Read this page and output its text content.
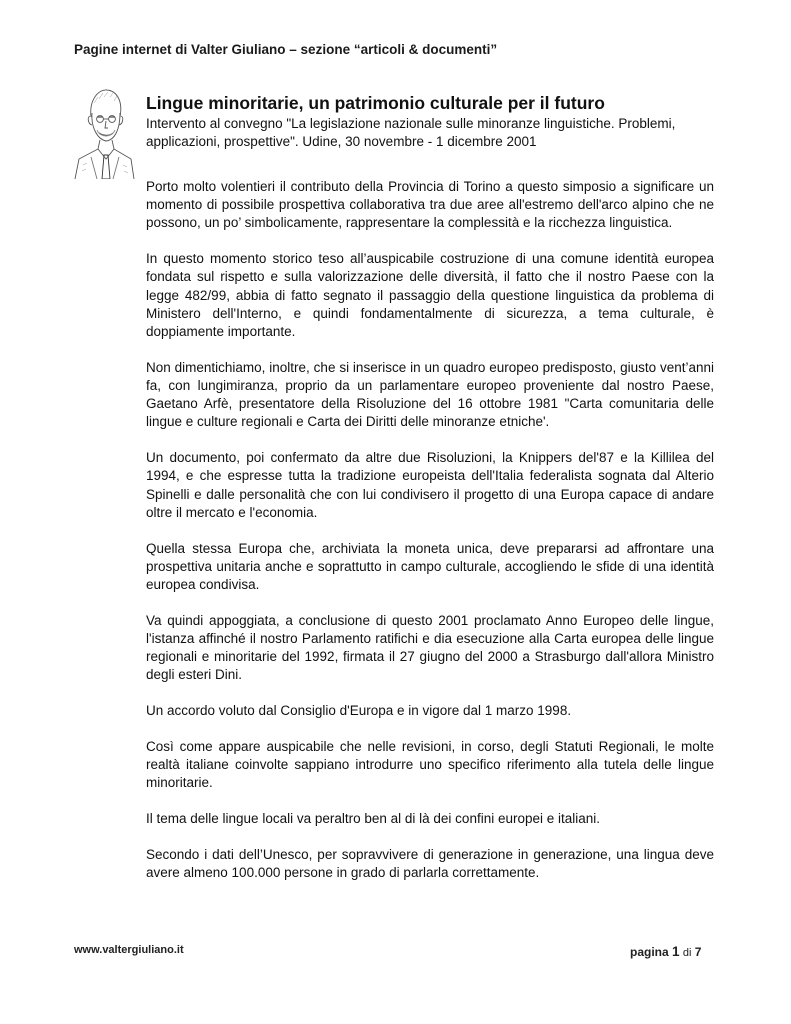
Pagine internet di Valter Giuliano – sezione “articoli & documenti”
Lingue minoritarie, un patrimonio culturale per il futuro

Intervento al convegno "La legislazione nazionale sulle minoranze linguistiche. Problemi, applicazioni, prospettive". Udine, 30 novembre - 1 dicembre 2001

Porto molto volentieri il contributo della Provincia di Torino a questo simposio a significare un momento di possibile prospettiva collaborativa tra due aree all'estremo dell'arco alpino che ne possono, un po’ simbolicamente, rappresentare la complessità e la ricchezza linguistica.

In questo momento storico teso all’auspicabile costruzione di una comune identità europea fondata sul rispetto e sulla valorizzazione delle diversità, il fatto che il nostro Paese con la legge 482/99, abbia di fatto segnato il passaggio della questione linguistica da problema di Ministero dell'Interno, e quindi fondamentalmente di sicurezza, a tema culturale, è doppiamente importante.

Non dimentichiamo, inoltre, che si inserisce in un quadro europeo predisposto, giusto vent’anni fa, con lungimiranza, proprio da un parlamentare europeo proveniente dal nostro Paese, Gaetano Arfè, presentatore della Risoluzione del 16 ottobre 1981 "Carta comunitaria delle lingue e culture regionali e Carta dei Diritti delle minoranze etniche'.

Un documento, poi confermato da altre due Risoluzioni, la Knippers del'87 e la Killilea del 1994, e che espresse tutta la tradizione europeista dell'Italia federalista sognata dal Alterio Spinelli e dalle personalità che con lui condivisero il progetto di una Europa capace di andare oltre il mercato e l'economia.

Quella stessa Europa che, archiviata la moneta unica, deve prepararsi ad affrontare una prospettiva unitaria anche e soprattutto in campo culturale, accogliendo le sfide di una identità europea condivisa.

Va quindi appoggiata, a conclusione di questo 2001 proclamato Anno Europeo delle lingue, l'istanza affinché il nostro Parlamento ratifichi e dia esecuzione alla Carta europea delle lingue regionali e minoritarie del 1992, firmata il 27 giugno del 2000 a Strasburgo dall'allora Ministro degli esteri Dini.

Un accordo voluto dal Consiglio d'Europa e in vigore dal 1 marzo 1998.

Così come appare auspicabile che nelle revisioni, in corso, degli Statuti Regionali, le molte realtà italiane coinvolte sappiano introdurre uno specifico riferimento alla tutela delle lingue minoritarie.

Il tema delle lingue locali va peraltro ben al di là dei confini europei e italiani.

Secondo i dati dell’Unesco, per sopravvivere di generazione in generazione, una lingua deve avere almeno 100.000 persone in grado di parlarla correttamente.

www.valtergiuliano.it	pagina 1 di 7
